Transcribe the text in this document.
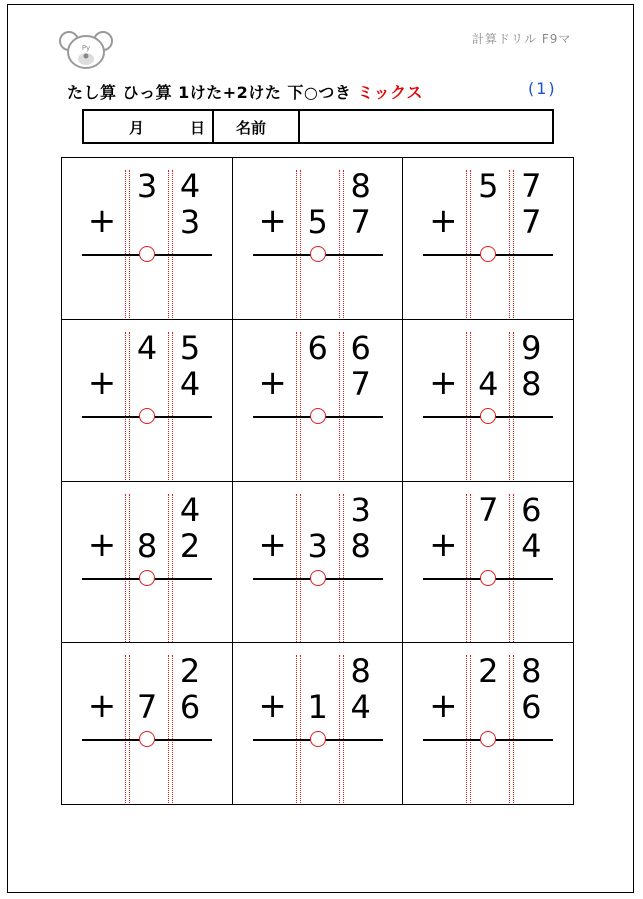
Py
計算ドリル F9マ
たし算 ひっ算 1けた+2けた 下○つき ミックス	(1)
月	日	名前
3 4
+	3
8
+ 5 7
5 7
+	7
4 5
+	4
6 6
+	7
9
+ 4 8
4
+ 8 2
3
+ 3 8
7 6
+	4
2
+ 7 6
8
+ 1 4
2 8
+	6
